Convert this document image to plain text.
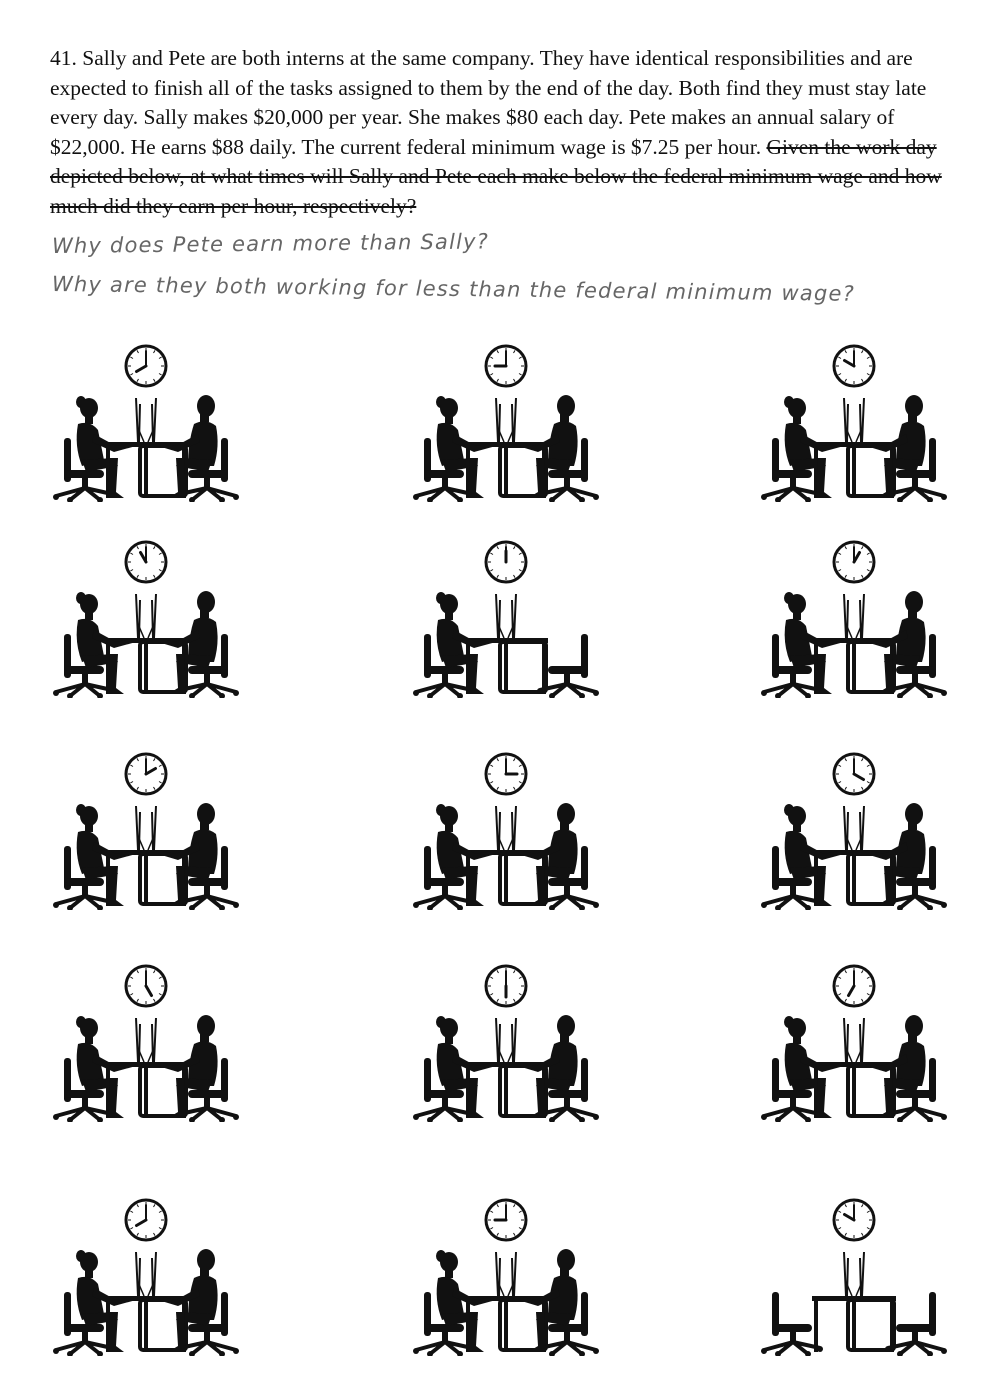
41. Sally and Pete are both interns at the same company. They have identical responsibilities and are expected to finish all of the tasks assigned to them by the end of the day. Both find they must stay late every day. Sally makes $20,000 per year. She makes $80 each day. Pete makes an annual salary of $22,000. He earns $88 daily. The current federal minimum wage is $7.25 per hour. Given the work day depicted below, at what times will Sally and Pete each make below the federal minimum wage and how much did they earn per hour, respectively?

Why does Pete earn more than Sally?
Why are they both working for less than the federal minimum wage?
